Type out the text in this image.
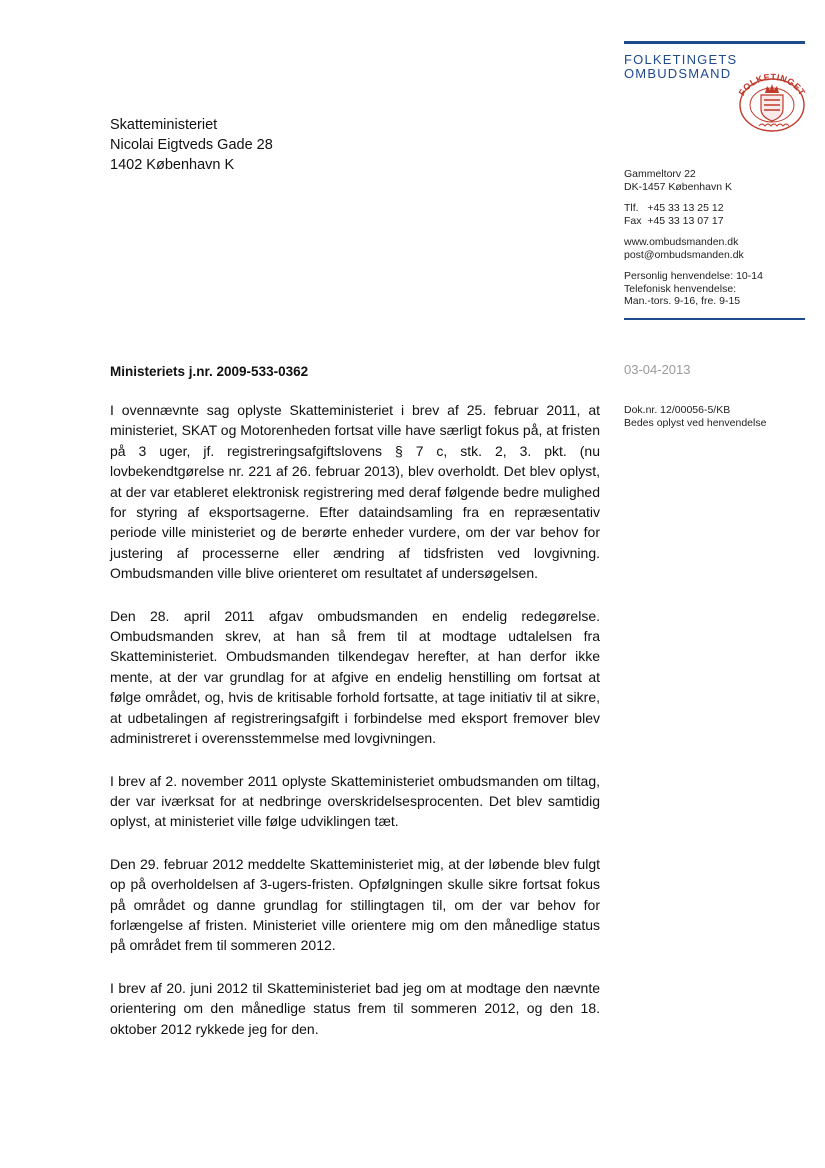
FOLKETINGETS
OMBUDSMAND
FOLKETINGET
Skatteministeriet
Nicolai Eigtveds Gade 28
1402 København K
Gammeltorv 22
DK-1457 København K
Tlf.   +45 33 13 25 12
Fax  +45 33 13 07 17
www.ombudsmanden.dk
post@ombudsmanden.dk
Personlig henvendelse: 10-14
Telefonisk henvendelse:
Man.-tors. 9-16, fre. 9-15
03-04-2013
Dok.nr. 12/00056-5/KB
Bedes oplyst ved henvendelse
Ministeriets j.nr. 2009-533-0362

I ovennævnte sag oplyste Skatteministeriet i brev af 25. februar 2011, at ministeriet, SKAT og Motorenheden fortsat ville have særligt fokus på, at fristen på 3 uger, jf. registreringsafgiftslovens § 7 c, stk. 2, 3. pkt. (nu lovbekendtgørelse nr. 221 af 26. februar 2013), blev overholdt. Det blev oplyst, at der var etableret elektronisk registrering med deraf følgende bedre mulighed for styring af eksportsagerne. Efter dataindsamling fra en repræsentativ periode ville ministeriet og de berørte enheder vurdere, om der var behov for justering af processerne eller ændring af tidsfristen ved lovgivning. Ombudsmanden ville blive orienteret om resultatet af undersøgelsen.

Den 28. april 2011 afgav ombudsmanden en endelig redegørelse. Ombudsmanden skrev, at han så frem til at modtage udtalelsen fra Skatteministeriet. Ombudsmanden tilkendegav herefter, at han derfor ikke mente, at der var grundlag for at afgive en endelig henstilling om fortsat at følge området, og, hvis de kritisable forhold fortsatte, at tage initiativ til at sikre, at udbetalingen af registreringsafgift i forbindelse med eksport fremover blev administreret i overensstemmelse med lovgivningen.

I brev af 2. november 2011 oplyste Skatteministeriet ombudsmanden om tiltag, der var iværksat for at nedbringe overskridelsesprocenten. Det blev samtidig oplyst, at ministeriet ville følge udviklingen tæt.

Den 29. februar 2012 meddelte Skatteministeriet mig, at der løbende blev fulgt op på overholdelsen af 3-ugers-fristen. Opfølgningen skulle sikre fortsat fokus på området og danne grundlag for stillingtagen til, om der var behov for forlængelse af fristen. Ministeriet ville orientere mig om den månedlige status på området frem til sommeren 2012.

I brev af 20. juni 2012 til Skatteministeriet bad jeg om at modtage den nævnte orientering om den månedlige status frem til sommeren 2012, og den 18. oktober 2012 rykkede jeg for den.
